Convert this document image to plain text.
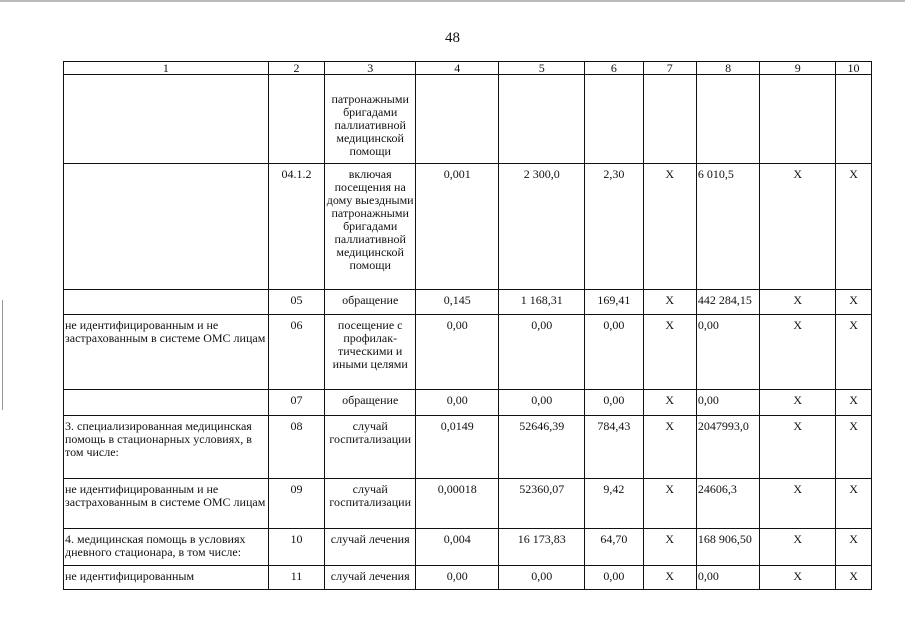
48
1	2	3	4	5	6	7	8	9	10

		патронажными бригадами паллиативной медицинской помощи							

	04.1.2	включая посещения на дому выездными патронажными бригадами паллиативной медицинской помощи	0,001	2 300,0	2,30	X	6 010,5	X	X

	05	обращение	0,145	1 168,31	169,41	X	442 284,15	X	X

не идентифицированным и не застрахованным в системе ОМС лицам	06	посещение с профилак-тическими и иными целями	0,00	0,00	0,00	X	0,00	X	X

	07	обращение	0,00	0,00	0,00	X	0,00	X	X

3. специализированная медицинская помощь в стационарных условиях, в том числе:	08	случай госпитализации	0,0149	52646,39	784,43	X	2047993,0	X	X

не идентифицированным и не застрахованным в системе ОМС лицам	09	случай госпитализации	0,00018	52360,07	9,42	X	24606,3	X	X

4. медицинская помощь в условиях дневного стационара, в том числе:	10	случай лечения	0,004	16 173,83	64,70	X	168 906,50	X	X

не идентифицированным	11	случай лечения	0,00	0,00	0,00	X	0,00	X	X
